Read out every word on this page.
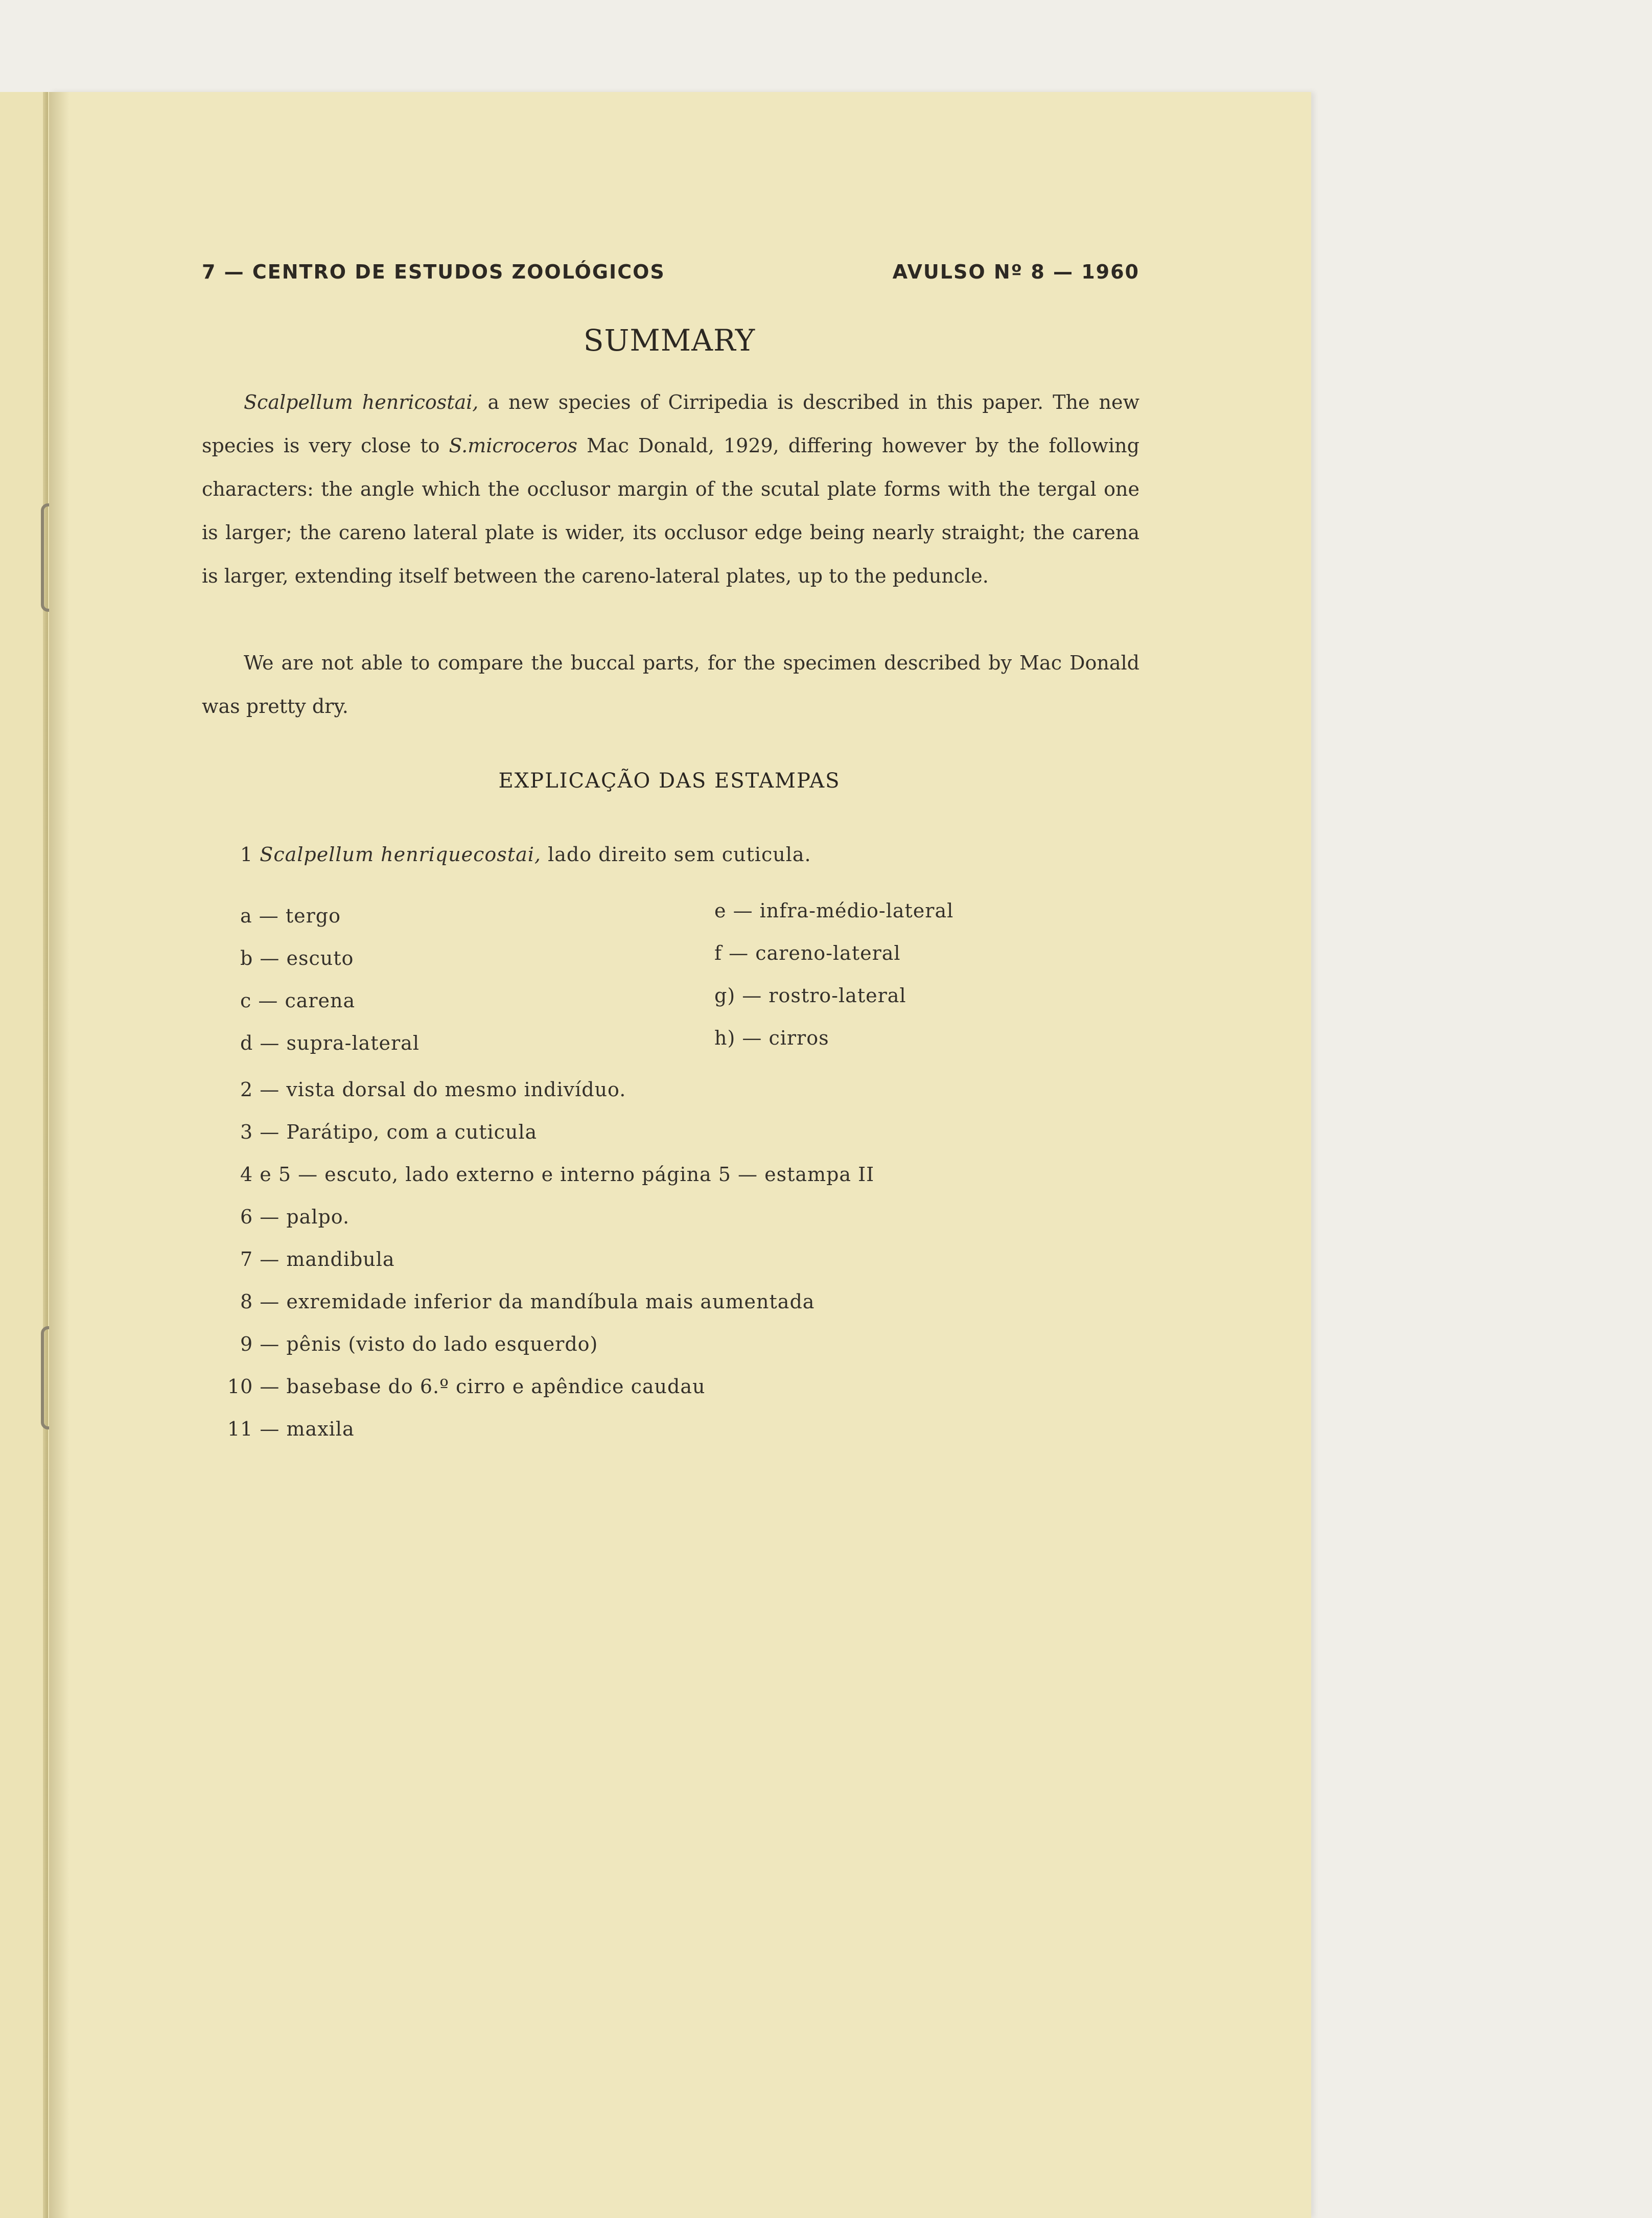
7 — CENTRO DE ESTUDOS ZOOLÓGICOS	AVULSO Nº 8 — 1960
SUMMARY

Scalpellum henricostai, a new species of Cirripedia is described in this paper. The new species is very close to S.microceros Mac Donald, 1929, differing however by the following characters: the angle which the occlusor margin of the scutal plate forms with the tergal one is larger; the careno lateral plate is wider, its occlusor edge being nearly straight; the carena is larger, extending itself between the careno-lateral plates, up to the peduncle.

We are not able to compare the buccal parts, for the specimen described by Mac Donald was pretty dry.

EXPLICAÇÃO DAS ESTAMPAS
1 Scalpellum henriquecostai, lado direito sem cuticula.
a — tergo
b — escuto
c — carena
d — supra-lateral
e — infra-médio-lateral
f — careno-lateral
g) — rostro-lateral
h) — cirros
2 — vista dorsal do mesmo indivíduo.
3 — Parátipo, com a cuticula
4 e 5 — escuto, lado externo e interno página 5 — estampa II
6 — palpo.
7 — mandibula
8 — exremidade inferior da mandíbula mais aumentada
9 — pênis (visto do lado esquerdo)
10 — basebase do 6.º cirro e apêndice caudau
11 — maxila
